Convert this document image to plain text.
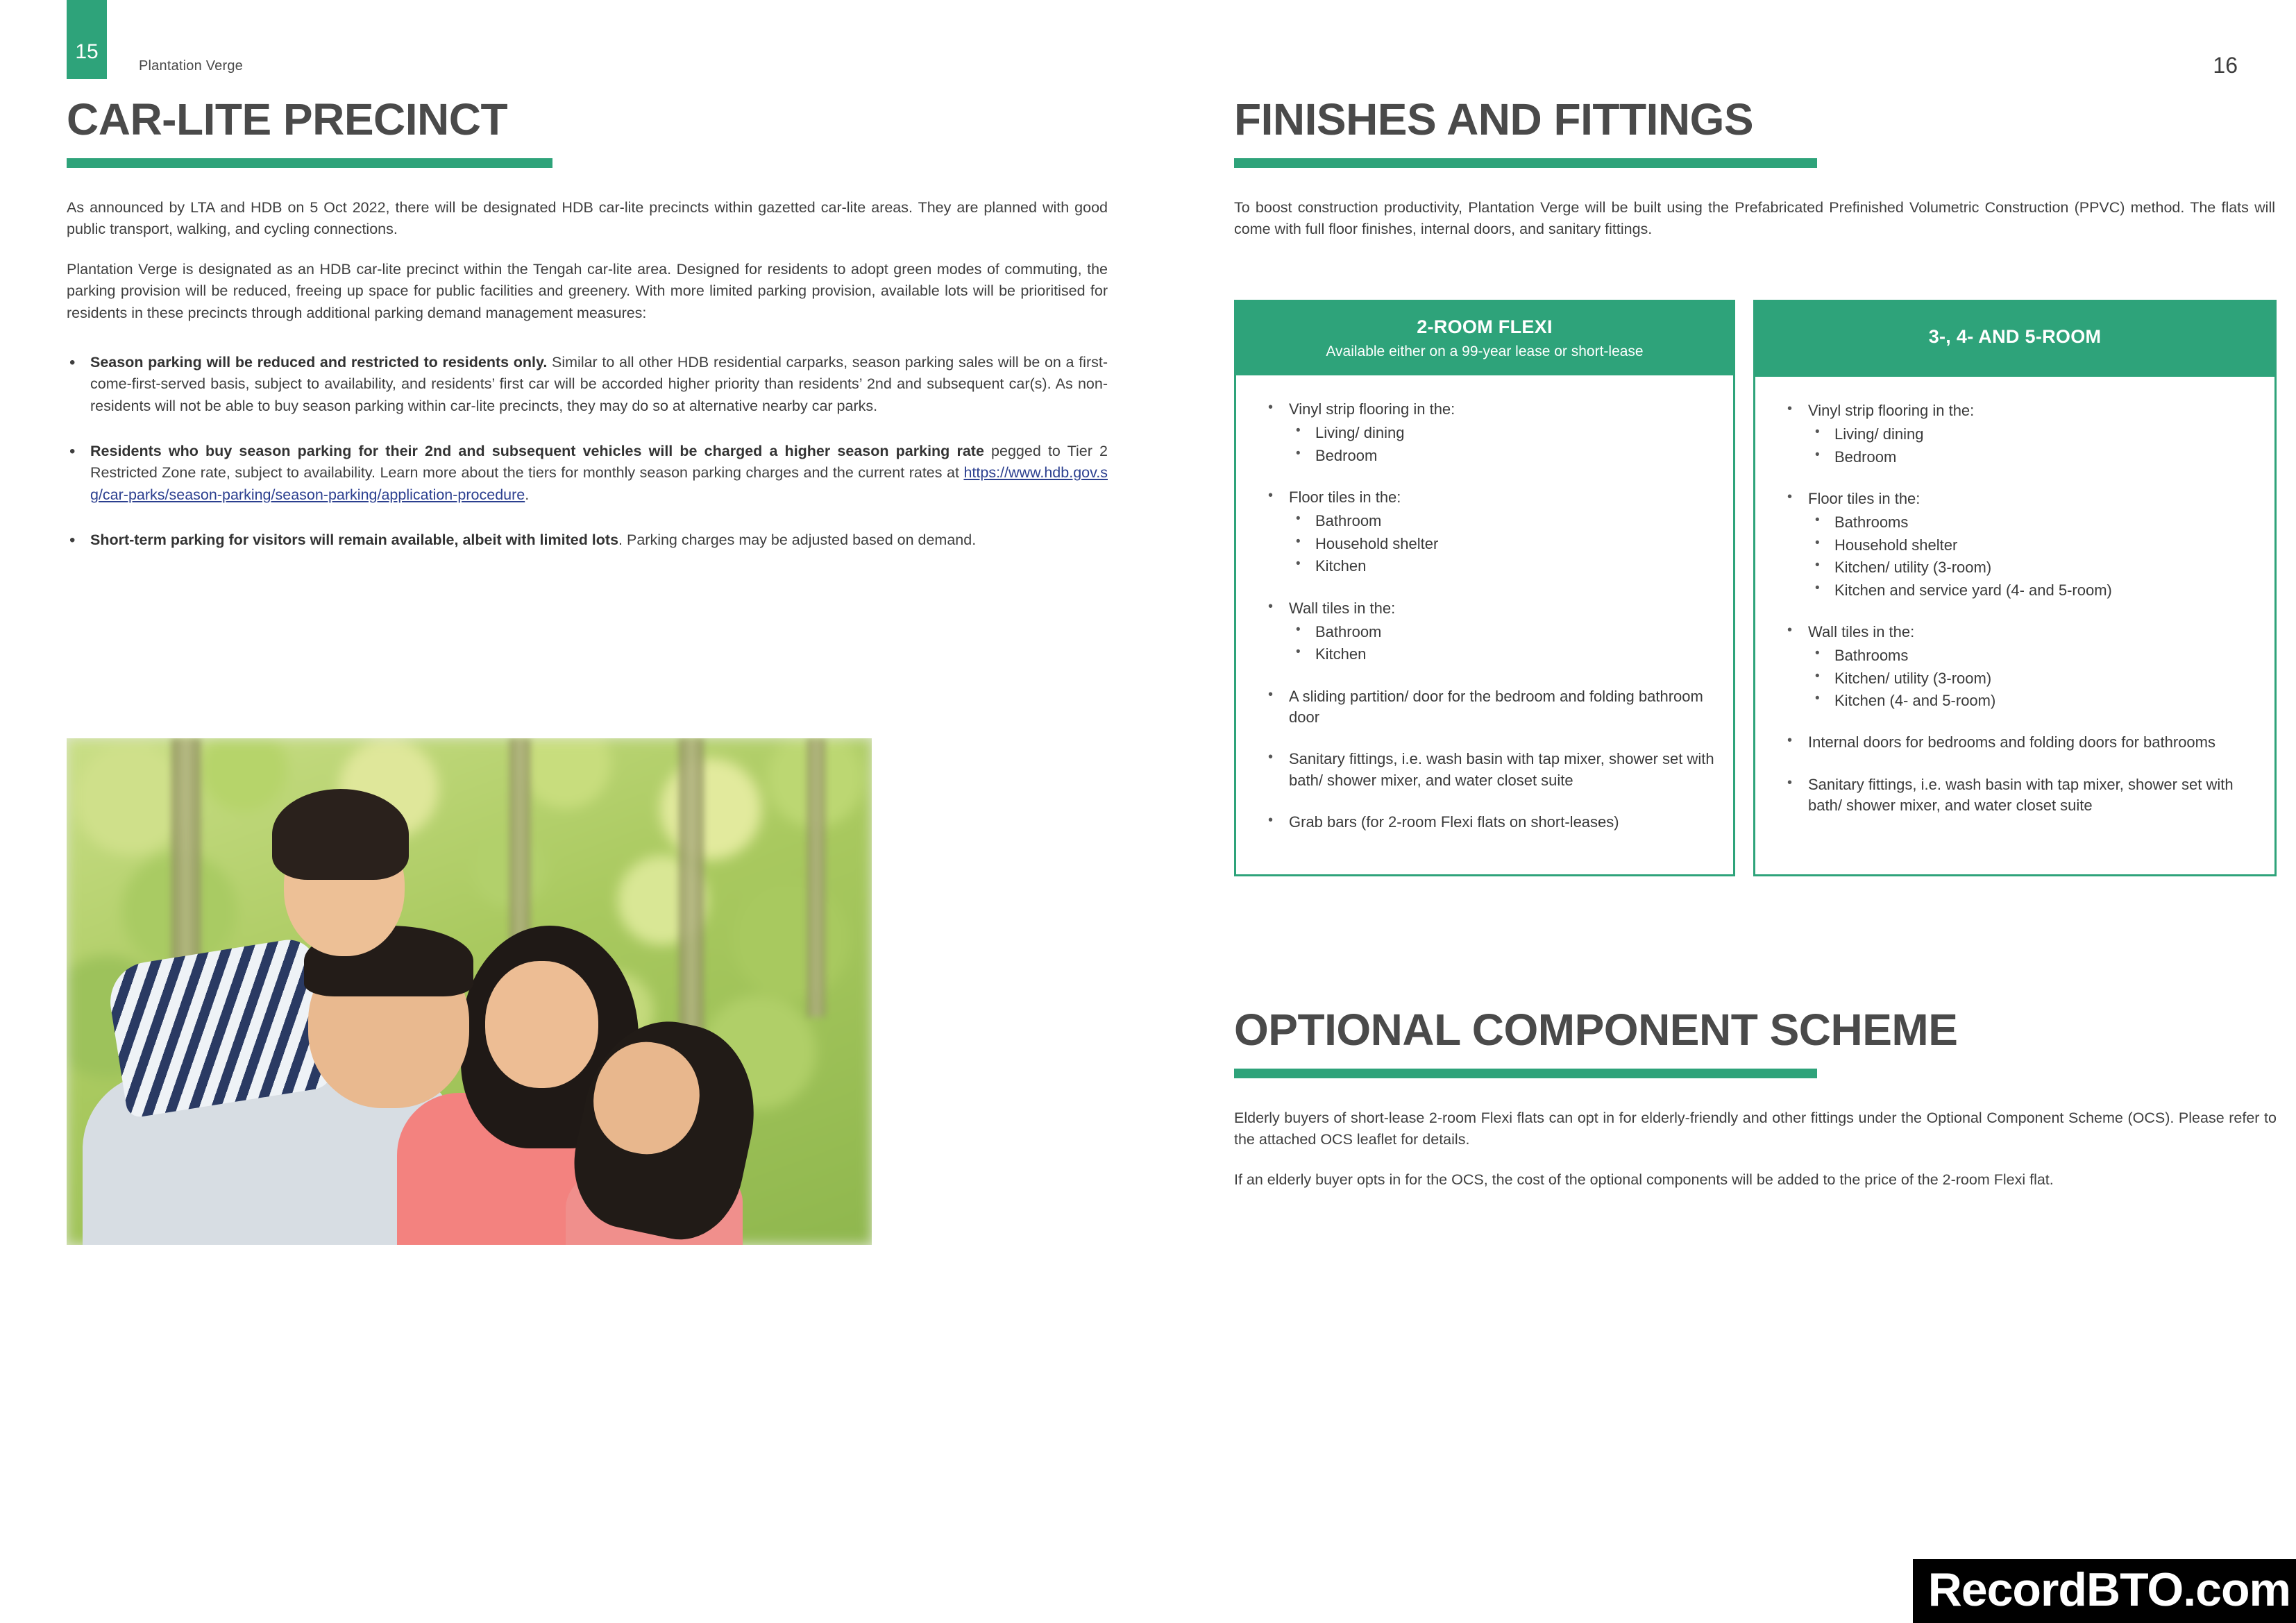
15
Plantation Verge	16
CAR-LITE PRECINCT

As announced by LTA and HDB on 5 Oct 2022, there will be designated HDB car-lite precincts within gazetted car-lite areas. They are planned with good public transport, walking, and cycling connections.

Plantation Verge is designated as an HDB car-lite precinct within the Tengah car-lite area. Designed for residents to adopt green modes of commuting, the parking provision will be reduced, freeing up space for public facilities and greenery. With more limited parking provision, available lots will be prioritised for residents in these precincts through additional parking demand management measures:

• Season parking will be reduced and restricted to residents only. Similar to all other HDB residential carparks, season parking sales will be on a first-come-first-served basis, subject to availability, and residents’ first car will be accorded higher priority than residents’ 2nd and subsequent car(s). As non-residents will not be able to buy season parking within car-lite precincts, they may do so at alternative nearby car parks.
• Residents who buy season parking for their 2nd and subsequent vehicles will be charged a higher season parking rate pegged to Tier 2 Restricted Zone rate, subject to availability. Learn more about the tiers for monthly season parking charges and the current rates at https://www.hdb.gov.sg/car-parks/season-parking/season-parking/application-procedure.
• Short-term parking for visitors will remain available, albeit with limited lots. Parking charges may be adjusted based on demand.
FINISHES AND FITTINGS

To boost construction productivity, Plantation Verge will be built using the Prefabricated Prefinished Volumetric Construction (PPVC) method. The flats will come with full floor finishes, internal doors, and sanitary fittings.

2-ROOM FLEXI
Available either on a 99-year lease or short-lease
• Vinyl strip flooring in the:
• Living/ dining
• Bedroom
• Floor tiles in the:
• Bathroom
• Household shelter
• Kitchen
• Wall tiles in the:
• Bathroom
• Kitchen
• A sliding partition/ door for the bedroom and folding bathroom door
• Sanitary fittings, i.e. wash basin with tap mixer, shower set with bath/ shower mixer, and water closet suite
• Grab bars (for 2-room Flexi flats on short-leases)
3-, 4- AND 5-ROOM
• Vinyl strip flooring in the:
• Living/ dining
• Bedroom
• Floor tiles in the:
• Bathrooms
• Household shelter
• Kitchen/ utility (3-room)
• Kitchen and service yard (4- and 5-room)
• Wall tiles in the:
• Bathrooms
• Kitchen/ utility (3-room)
• Kitchen (4- and 5-room)
• Internal doors for bedrooms and folding doors for bathrooms
• Sanitary fittings, i.e. wash basin with tap mixer, shower set with bath/ shower mixer, and water closet suite
OPTIONAL COMPONENT SCHEME

Elderly buyers of short-lease 2-room Flexi flats can opt in for elderly-friendly and other fittings under the Optional Component Scheme (OCS). Please refer to the attached OCS leaflet for details.

If an elderly buyer opts in for the OCS, the cost of the optional components will be added to the price of the 2-room Flexi flat.

RecordBTO.com
